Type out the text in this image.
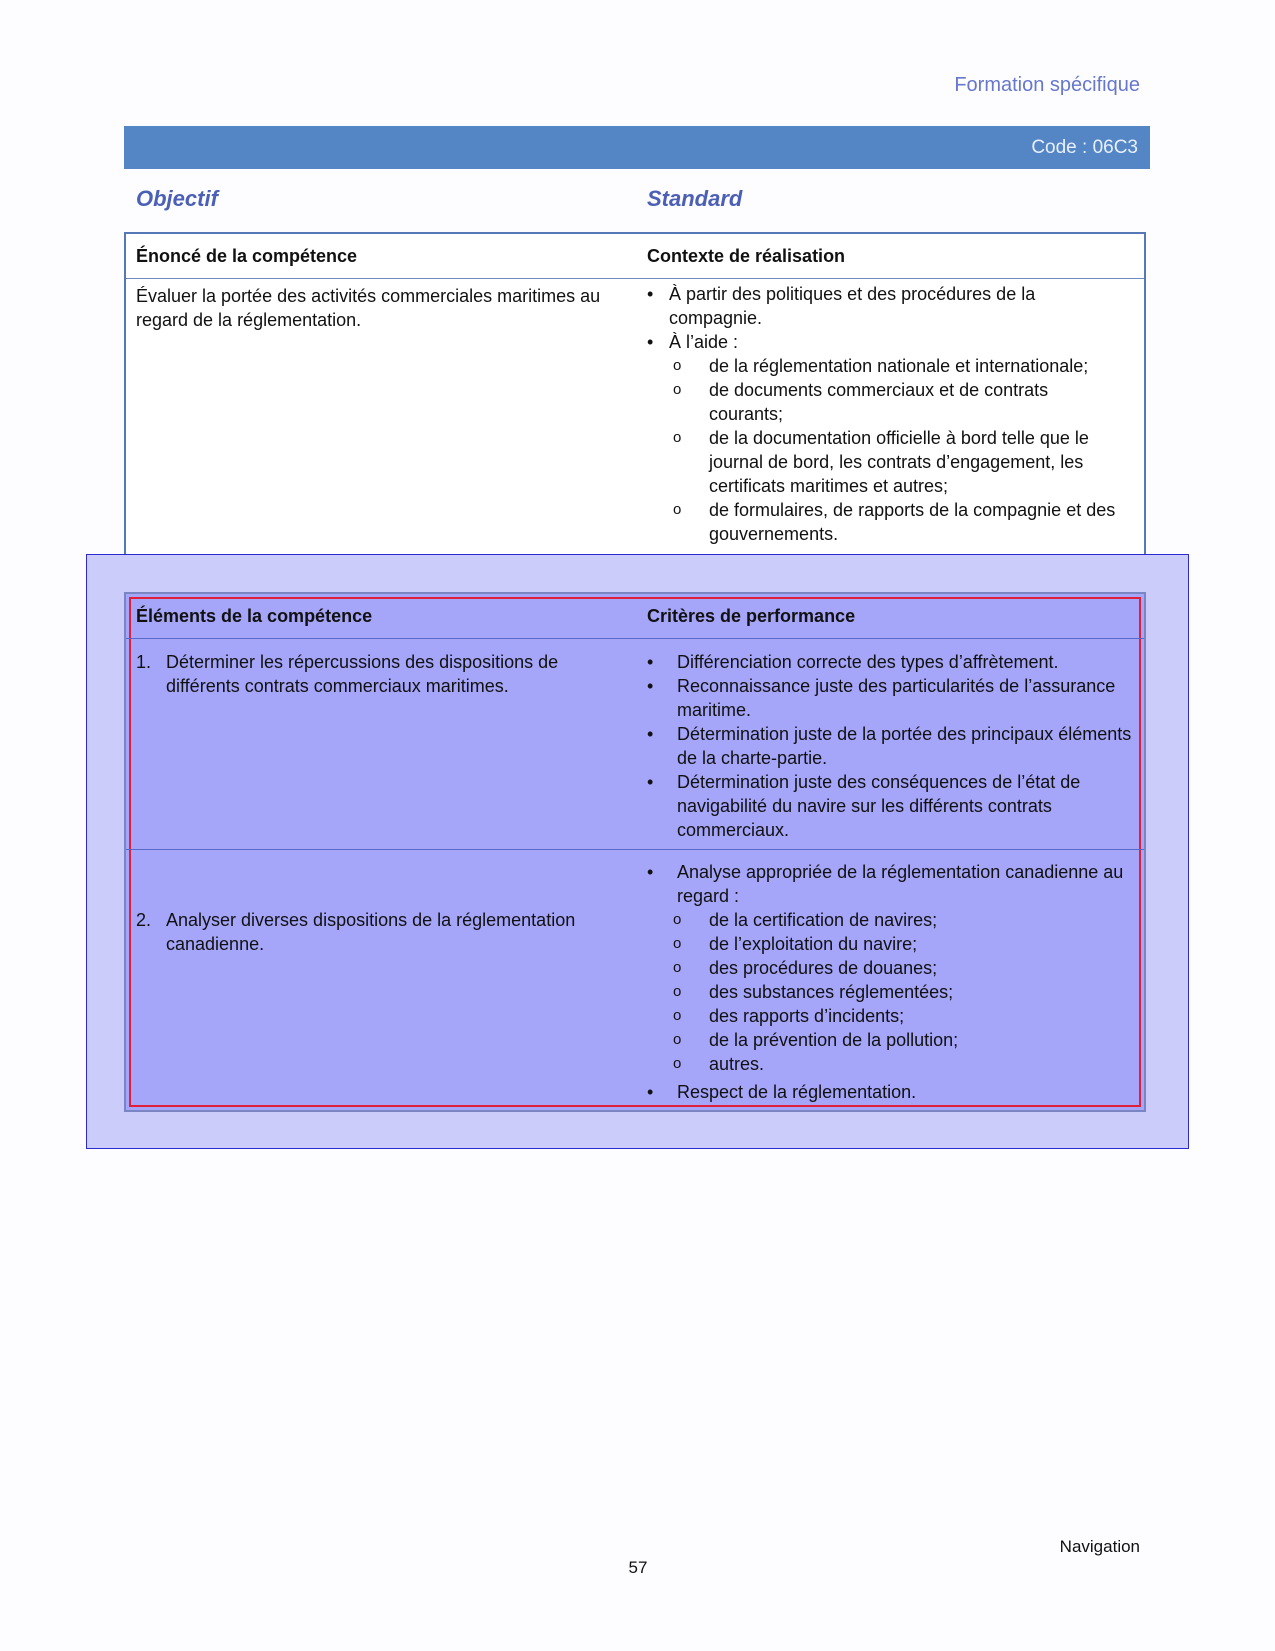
Formation spécifique
Code : 06C3
Objectif	Standard
Énoncé de la compétence	Contexte de réalisation
Évaluer la portée des activités commerciales maritimes au regard de la réglementation.
• À partir des politiques et des procédures de la compagnie.
• À l’aide :
o de la réglementation nationale et internationale;
o de documents commerciaux et de contrats courants;
o de la documentation officielle à bord telle que le journal de bord, les contrats d’engagement, les certificats maritimes et autres;
o de formulaires, de rapports de la compagnie et des gouvernements.
Éléments de la compétence	Critères de performance
1. Déterminer les répercussions des dispositions de différents contrats commerciaux maritimes.
• Différenciation correcte des types d’affrètement.
• Reconnaissance juste des particularités de l’assurance maritime.
• Détermination juste de la portée des principaux éléments de la charte-partie.
• Détermination juste des conséquences de l’état de navigabilité du navire sur les différents contrats commerciaux.
2. Analyser diverses dispositions de la réglementation canadienne.
• Analyse appropriée de la réglementation canadienne au regard :
o de la certification de navires;
o de l’exploitation du navire;
o des procédures de douanes;
o des substances réglementées;
o des rapports d’incidents;
o de la prévention de la pollution;
o autres.
• Respect de la réglementation.
Navigation
57
